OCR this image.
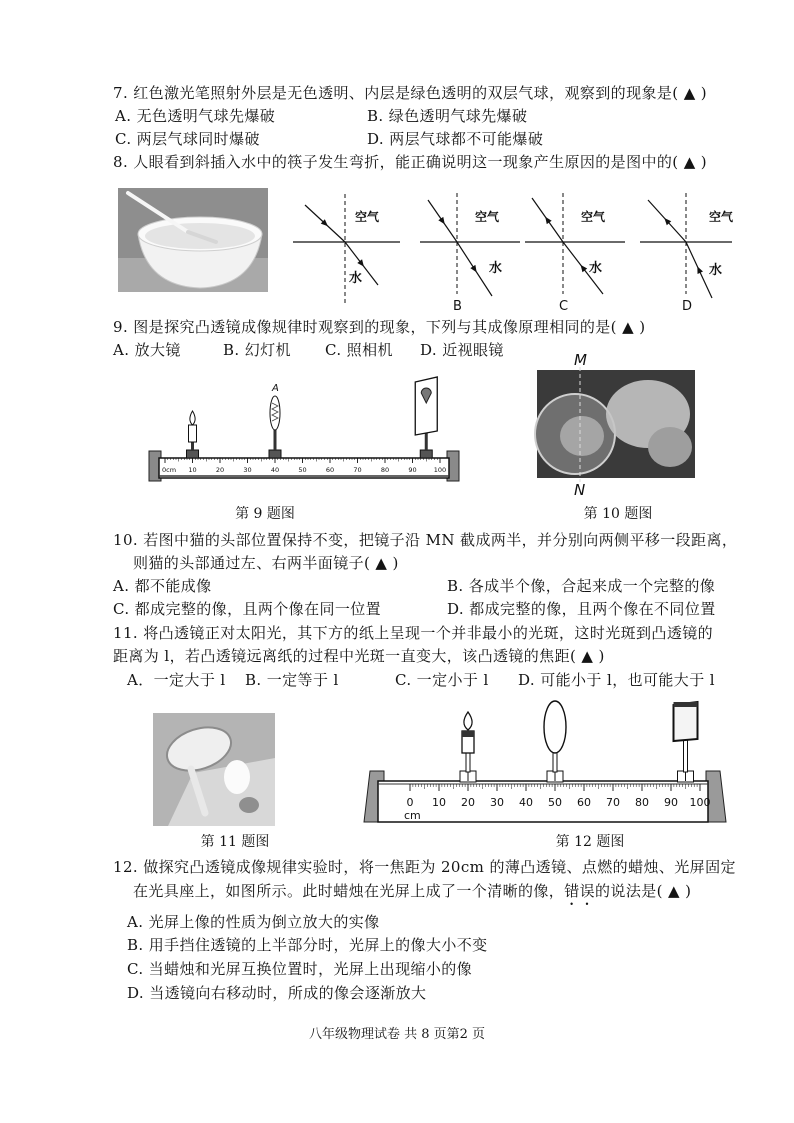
7. 红色激光笔照射外层是无色透明、内层是绿色透明的双层气球，观察到的现象是( ▲ )
A. 无色透明气球先爆破	B. 绿色透明气球先爆破
C. 两层气球同时爆破	D. 两层气球都不可能爆破
8. 人眼看到斜插入水中的筷子发生弯折，能正确说明这一现象产生原因的是图中的( ▲ )
空气
水
空气
水
B
空气
水
C
空气
水
D
9. 图是探究凸透镜成像规律时观察到的现象，下列与其成像原理相同的是( ▲ )
A. 放大镜	B. 幻灯机 C. 照相机 D. 近视眼镜
0cm 10	20	30	40	50	60	70	80	90	100
A
M
N
第 9 题图	第 10 题图
10. 若图中猫的头部位置保持不变，把镜子沿 MN 截成两半，并分别向两侧平移一段距离，
则猫的头部通过左、右两半面镜子( ▲ )
A. 都不能成像	B. 各成半个像，合起来成一个完整的像
C. 都成完整的像，且两个像在同一位置	D. 都成完整的像，且两个像在不同位置
11. 将凸透镜正对太阳光，其下方的纸上呈现一个并非最小的光斑，这时光斑到凸透镜的
距离为 l，若凸透镜远离纸的过程中光斑一直变大，该凸透镜的焦距( ▲ )
A．一定大于 l B. 一定等于 l	C. 一定小于 l D. 可能小于 l，也可能大于 l
0 10 20 30 40 50 60 70 80 90 100
cm
第 11 题图	第 12 题图
12. 做探究凸透镜成像规律实验时，将一焦距为 20cm 的薄凸透镜、点燃的蜡烛、光屏固定
在光具座上，如图所示。此时蜡烛在光屏上成了一个清晰的像，错误的说法是( ▲ )
A. 光屏上像的性质为倒立放大的实像
B. 用手挡住透镜的上半部分时，光屏上的像大小不变
C. 当蜡烛和光屏互换位置时，光屏上出现缩小的像
D. 当透镜向右移动时，所成的像会逐渐放大
八年级物理试卷 共 8 页第2 页
